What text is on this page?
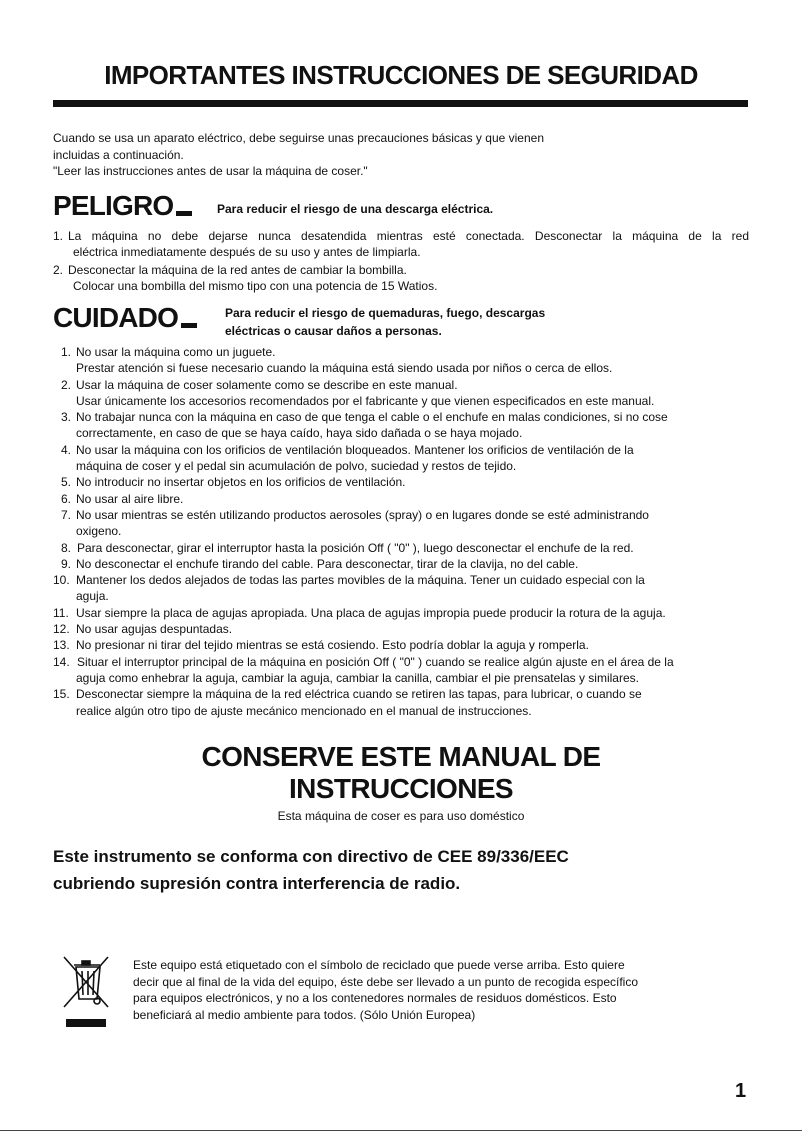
IMPORTANTES INSTRUCCIONES DE SEGURIDAD
Cuando se usa un aparato eléctrico, debe seguirse unas precauciones básicas y que vienen
incluidas a continuación.
"Leer las instrucciones antes de usar la máquina de coser."
PELIGRO	Para reducir el riesgo de una descarga eléctrica.
1. La máquina no debe dejarse nunca desatendida mientras esté conectada. Desconectar la máquina de la red
eléctrica inmediatamente después de su uso y antes de limpiarla.
2. Desconectar la máquina de la red antes de cambiar la bombilla.
Colocar una bombilla del mismo tipo con una potencia de 15 Watios.
CUIDADO	Para reducir el riesgo de quemaduras, fuego, descargas
eléctricas o causar daños a personas.
1. No usar la máquina como un juguete.
Prestar atención si fuese necesario cuando la máquina está siendo usada por niños o cerca de ellos.
2. Usar la máquina de coser solamente como se describe en este manual.
Usar únicamente los accesorios recomendados por el fabricante y que vienen especificados en este manual.
3. No trabajar nunca con la máquina en caso de que tenga el cable o el enchufe en malas condiciones, si no cose
correctamente, en caso de que se haya caído, haya sido dañada o se haya mojado.
4. No usar la máquina con los orificios de ventilación bloqueados. Mantener los orificios de ventilación de la
máquina de coser y el pedal sin acumulación de polvo, suciedad y restos de tejido.
5. No introducir no insertar objetos en los orificios de ventilación.
6. No usar al aire libre.
7. No usar mientras se estén utilizando productos aerosoles (spray) o en lugares donde se esté administrando
oxigeno.
8. Para desconectar, girar el interruptor hasta la posición Off ( "0" ), luego desconectar el enchufe de la red.
9. No desconectar el enchufe tirando del cable. Para desconectar, tirar de la clavija, no del cable.
10. Mantener los dedos alejados de todas las partes movibles de la máquina. Tener un cuidado especial con la
aguja.
11. Usar siempre la placa de agujas apropiada. Una placa de agujas impropia puede producir la rotura de la aguja.
12. No usar agujas despuntadas.
13. No presionar ni tirar del tejido mientras se está cosiendo. Esto podría doblar la aguja y romperla.
14. Situar el interruptor principal de la máquina en posición Off ( "0" ) cuando se realice algún ajuste en el área de la
aguja como enhebrar la aguja, cambiar la aguja, cambiar la canilla, cambiar el pie prensatelas y similares.
15. Desconectar siempre la máquina de la red eléctrica cuando se retiren las tapas, para lubricar, o cuando se
realice algún otro tipo de ajuste mecánico mencionado en el manual de instrucciones.
CONSERVE ESTE MANUAL DE
INSTRUCCIONES
Esta máquina de coser es para uso doméstico
Este instrumento se conforma con directivo de CEE 89/336/EEC
cubriendo supresión contra interferencia de radio.
Este equipo está etiquetado con el símbolo de reciclado que puede verse arriba. Esto quiere
decir que al final de la vida del equipo, éste debe ser llevado a un punto de recogida específico
para equipos electrónicos, y no a los contenedores normales de residuos domésticos. Esto
beneficiará al medio ambiente para todos. (Sólo Unión Europea)
1
